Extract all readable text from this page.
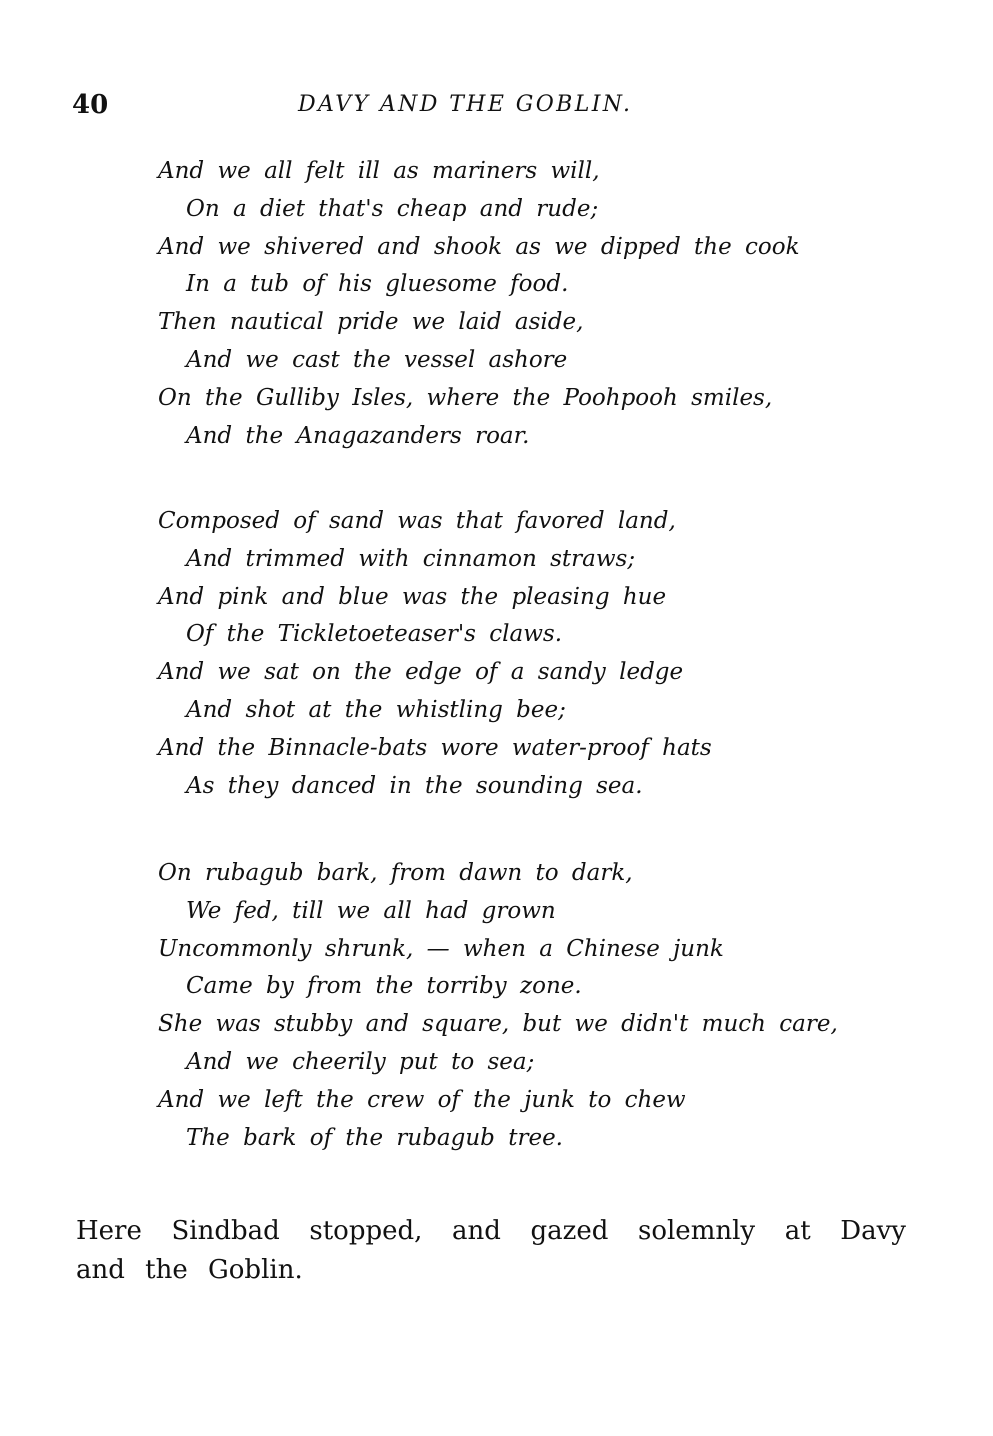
40	DAVY AND THE GOBLIN.
And we all felt ill as mariners will,
On a diet that's cheap and rude;
And we shivered and shook as we dipped the cook
In a tub of his gluesome food.
Then nautical pride we laid aside,
And we cast the vessel ashore
On the Gulliby Isles, where the Poohpooh smiles,
And the Anagazanders roar.
Composed of sand was that favored land,
And trimmed with cinnamon straws;
And pink and blue was the pleasing hue
Of the Tickletoeteaser's claws.
And we sat on the edge of a sandy ledge
And shot at the whistling bee;
And the Binnacle-bats wore water-proof hats
As they danced in the sounding sea.
On rubagub bark, from dawn to dark,
We fed, till we all had grown
Uncommonly shrunk, — when a Chinese junk
Came by from the torriby zone.
She was stubby and square, but we didn't much care,
And we cheerily put to sea;
And we left the crew of the junk to chew
The bark of the rubagub tree.

Here Sindbad stopped, and gazed solemnly at Davy and the Goblin.
